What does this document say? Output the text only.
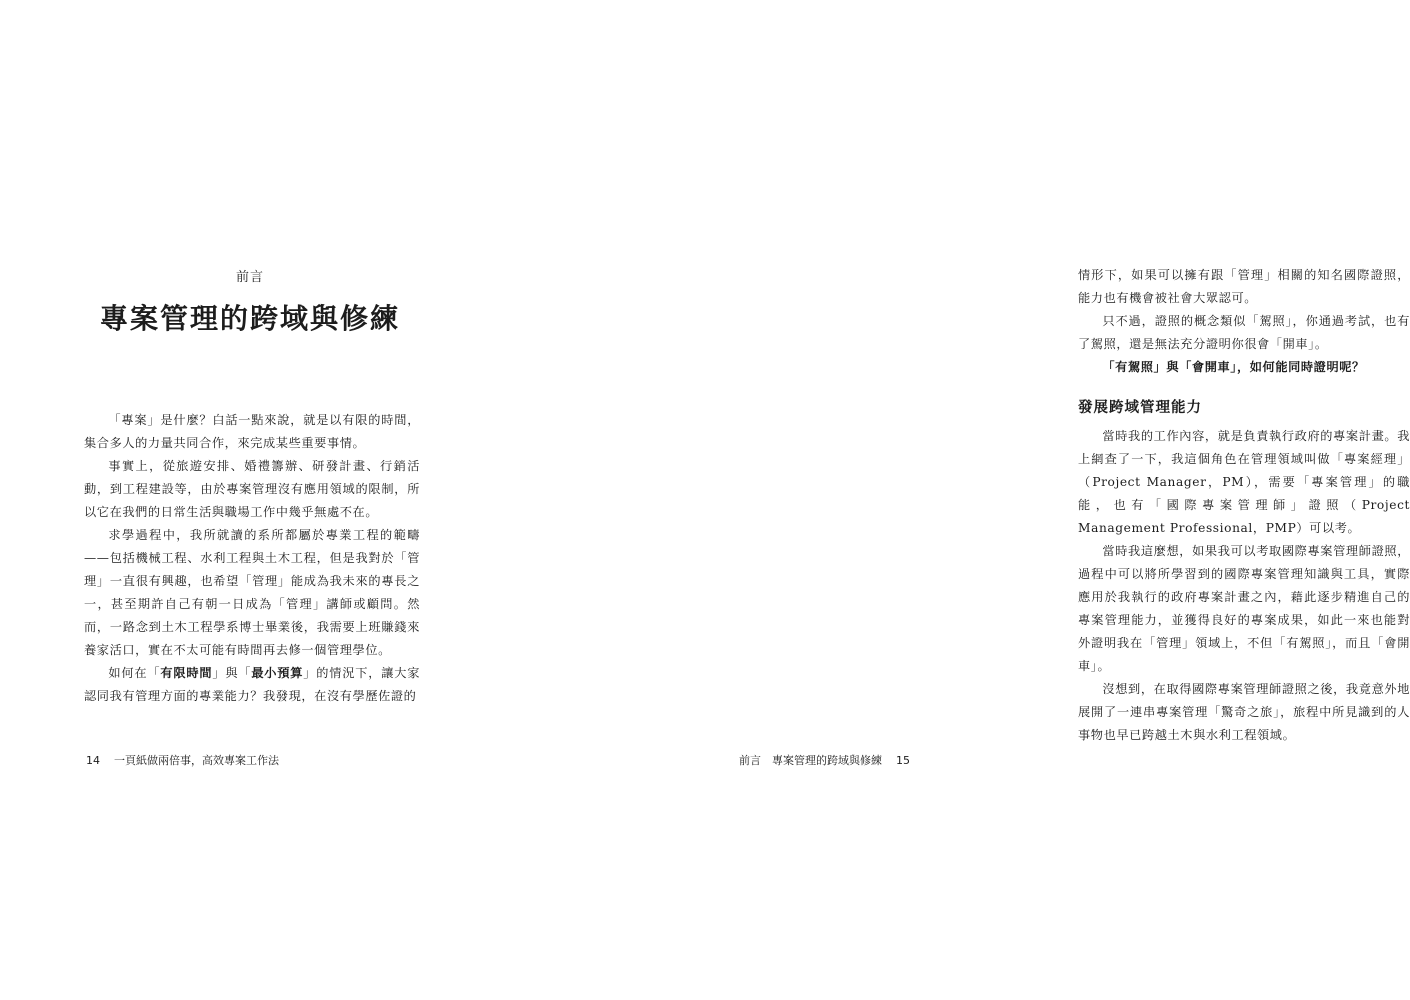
前言
專案管理的跨域與修練

「專案」是什麼？白話一點來說，就是以有限的時間，集合多人的力量共同合作，來完成某些重要事情。

事實上，從旅遊安排、婚禮籌辦、研發計畫、行銷活動，到工程建設等，由於專案管理沒有應用領域的限制，所以它在我們的日常生活與職場工作中幾乎無處不在。

求學過程中，我所就讀的系所都屬於專業工程的範疇——包括機械工程、水利工程與土木工程，但是我對於「管理」一直很有興趣，也希望「管理」能成為我未來的專長之一，甚至期許自己有朝一日成為「管理」講師或顧問。然而，一路念到土木工程學系博士畢業後，我需要上班賺錢來養家活口，實在不太可能有時間再去修一個管理學位。

如何在「有限時間」與「最小預算」的情況下，讓大家認同我有管理方面的專業能力？我發現，在沒有學歷佐證的

14 一頁紙做兩倍事，高效專案工作法

情形下，如果可以擁有跟「管理」相關的知名國際證照，能力也有機會被社會大眾認可。

只不過，證照的概念類似「駕照」，你通過考試，也有了駕照，還是無法充分證明你很會「開車」。

「有駕照」與「會開車」，如何能同時證明呢？

發展跨域管理能力

當時我的工作內容，就是負責執行政府的專案計畫。我上網查了一下，我這個角色在管理領域叫做「專案經理」（Project Manager，PM），需要「專案管理」的職能，也有「國際專案管理師」證照（Project Management Professional，PMP）可以考。

當時我這麼想，如果我可以考取國際專案管理師證照，過程中可以將所學習到的國際專案管理知識與工具，實際應用於我執行的政府專案計畫之內，藉此逐步精進自己的專案管理能力，並獲得良好的專案成果，如此一來也能對外證明我在「管理」領域上，不但「有駕照」，而且「會開車」。

沒想到，在取得國際專案管理師證照之後，我竟意外地展開了一連串專案管理「驚奇之旅」，旅程中所見識到的人事物也早已跨越土木與水利工程領域。

前言　專案管理的跨域與修練 15
